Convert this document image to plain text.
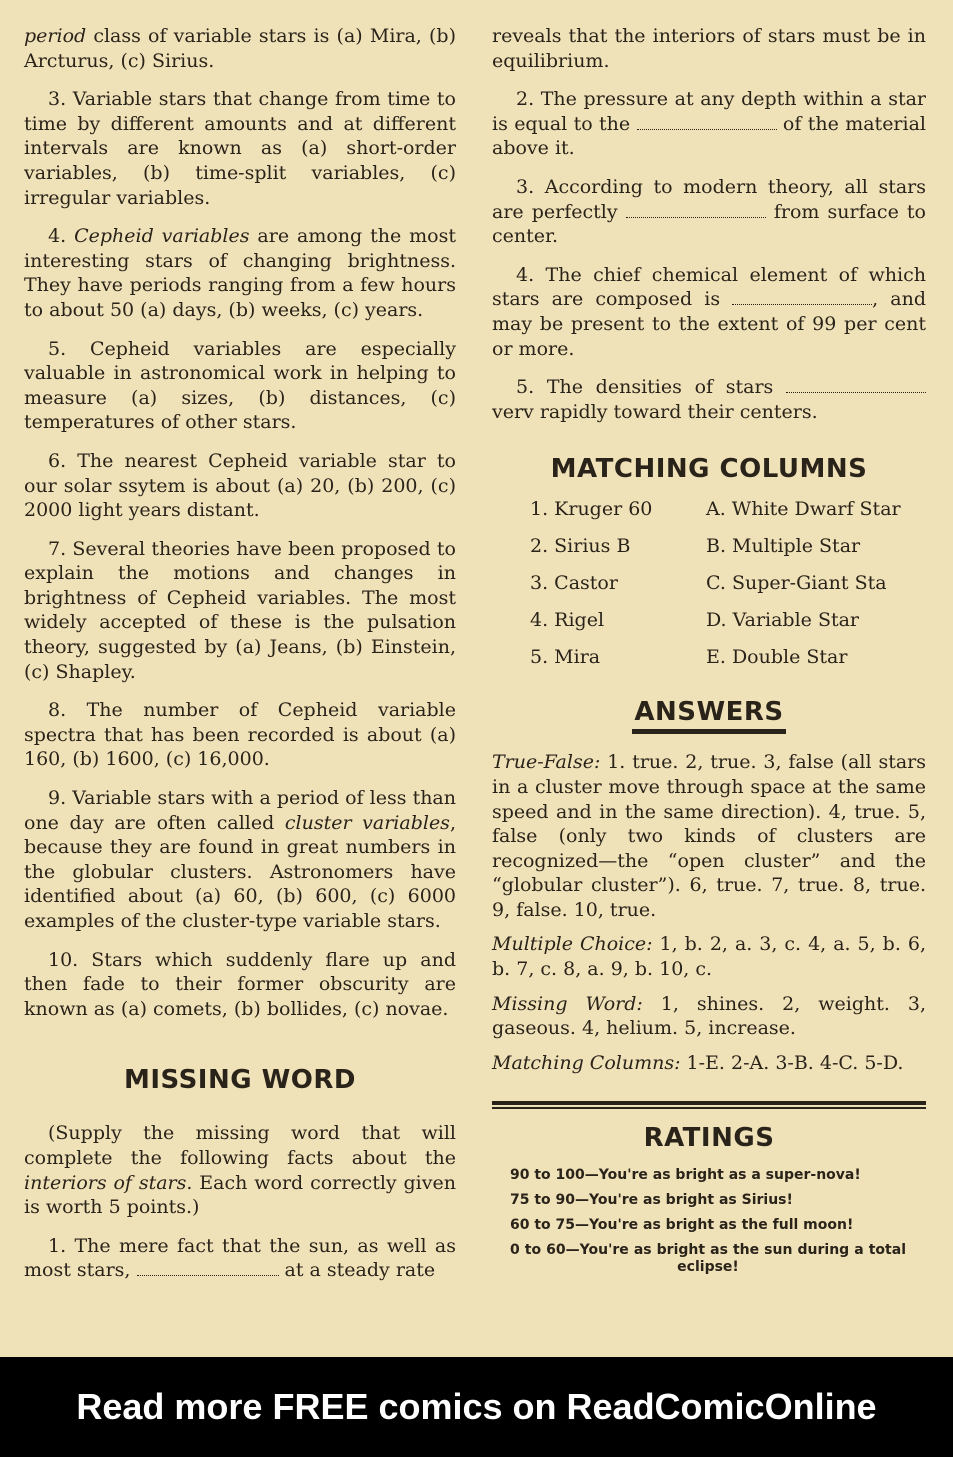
period class of variable stars is (a) Mira, (b) Arcturus, (c) Sirius.

3. Variable stars that change from time to time by different amounts and at different intervals are known as (a) short-order variables, (b) time-split variables, (c) irregular variables.

4. Cepheid variables are among the most interesting stars of changing brightness. They have periods ranging from a few hours to about 50 (a) days, (b) weeks, (c) years.

5. Cepheid variables are especially valuable in astronomical work in helping to measure (a) sizes, (b) distances, (c) temperatures of other stars.

6. The nearest Cepheid variable star to our solar ssytem is about (a) 20, (b) 200, (c) 2000 light years distant.

7. Several theories have been proposed to explain the motions and changes in brightness of Cepheid variables. The most widely accepted of these is the pulsation theory, suggested by (a) Jeans, (b) Einstein, (c) Shapley.

8. The number of Cepheid variable spectra that has been recorded is about (a) 160, (b) 1600, (c) 16,000.

9. Variable stars with a period of less than one day are often called cluster variables, because they are found in great numbers in the globular clusters. Astronomers have identified about (a) 60, (b) 600, (c) 6000 examples of the cluster-type variable stars.

10. Stars which suddenly flare up and then fade to their former obscurity are known as (a) comets, (b) bollides, (c) novae.

MISSING WORD

(Supply the missing word that will complete the following facts about the interiors of stars. Each word correctly given is worth 5 points.)

1. The mere fact that the sun, as well as most stars,	at a steady rate

reveals that the interiors of stars must be in equilibrium.

2. The pressure at any depth within a star is equal to the	of the material above it.

3. According to modern theory, all stars are perfectly	from surface to center.

4. The chief chemical element of which stars are composed is	, and may be present to the extent of 99 per cent or more.

5. The densities of stars  verv rapidly toward their centers.

MATCHING COLUMNS
1. Kruger 60	A. White Dwarf Star
2. Sirius B	B. Multiple Star
3. Castor	C. Super-Giant Sta
4. Rigel	D. Variable Star
5. Mira	E. Double Star
ANSWERS
True-False: 1. true. 2, true. 3, false (all stars in a cluster move through space at the same speed and in the same direction). 4, true. 5, false (only two kinds of clusters are recognized—the “open cluster” and the “globular cluster”). 6, true. 7, true. 8, true. 9, false. 10, true.
Multiple Choice: 1, b. 2, a. 3, c. 4, a. 5, b. 6, b. 7, c. 8, a. 9, b. 10, c.
Missing Word: 1, shines. 2, weight. 3, gaseous. 4, helium. 5, increase.
Matching Columns: 1-E. 2-A. 3-B. 4-C. 5-D.
RATINGS
90 to 100—You're as bright as a super-nova!
75 to 90—You're as bright as Sirius!
60 to 75—You're as bright as the full moon!
0 to 60—You're as bright as the sun during a total eclipse!
Read more FREE comics on ReadComicOnline
